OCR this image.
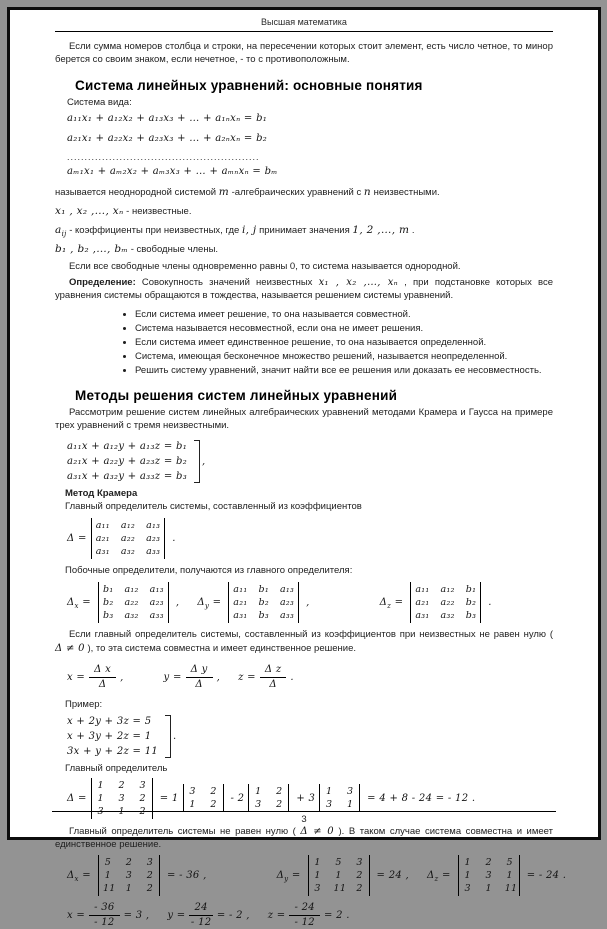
Высшая математика

Если сумма номеров столбца и строки, на пересечении которых стоит элемент, есть число четное, то минор берется со своим знаком, если нечетное, - то с противоположным.

Система линейных уравнений: основные понятия

Система вида:

a₁₁x₁ + a₁₂x₂ + a₁₃x₃ + … + a₁ₙxₙ = b₁
a₂₁x₁ + a₂₂x₂ + a₂₃x₃ + … + a₂ₙxₙ = b₂
.......................................................
aₘ₁x₁ + aₘ₂x₂ + aₘ₃x₃ + … + aₘₙxₙ = bₘ

называется неоднородной системой m -алгебраических уравнений с n неизвестными.

x₁ , x₂ ,…, xₙ - неизвестные.

$a_{ij}$ - коэффициенты при неизвестных, где i, j принимает значения 1, 2 ,…, m .

b₁ , b₂ ,…, bₘ - свободные члены.

Если все свободные члены одновременно равны 0, то система называется однородной.

Определение: Совокупность значений неизвестных x₁ , x₂ ,…, xₙ , при подстановке которых все уравнения системы обращаются в тождества, называется решением системы уравнений.

• Если система имеет решение, то она называется совместной.
• Система называется несовместной, если она не имеет решения.
• Если система имеет единственное решение, то она называется определенной.
• Система, имеющая бесконечное множество решений, называется неопределенной.
• Решить систему уравнений, значит найти все ее решения или доказать ее несовместность.
Методы решения систем линейных уравнений

Рассмотрим решение систем линейных алгебраических уравнений методами Крамера и Гаусса на примере трех уравнений с тремя неизвестными.

a₁₁x + a₁₂y + a₁₃z = b₁
a₂₁x + a₂₂y + a₂₃z = b₂
a₃₁x + a₃₂y + a₃₃z = b₃
,

Метод Крамера

Главный определитель системы, составленный из коэффициентов

Δ =
a₁₁ a₁₂ a₁₃
a₂₁ a₂₂ a₂₃
a₃₁ a₃₂ a₃₃
.

Побочные определители, получаются из главного определителя:

$\Delta_x$ =
b₁ a₁₂ a₁₃
b₂ a₂₂ a₂₃
b₃ a₃₂ a₃₃
, $\Delta_y$ =
a₁₁ b₁ a₁₃
a₂₁ b₂ a₂₃
a₃₁ b₃ a₃₃
,	$\Delta_z$ =
a₁₁ a₁₂ b₁
a₂₁ a₂₂ b₂
a₃₁ a₃₂ b₃
.

Если главный определитель системы, составленный из коэффициентов при неизвестных не равен нулю ( Δ ≠ 0 ), то эта система совместна и имеет единственное решение.

$x = \frac{\text{Δ x}}{\Delta}$ ,	$y = \frac{\text{Δ y}}{\Delta}$ , $z = \frac{\text{Δ z}}{\Delta}$ .

Пример:

x + 2y + 3z = 5
x + 3y + 2z = 1
3x + y + 2z = 11
.

Главный определитель

Δ =
1 2 3
1 3 2
3 1 2
= 1
3 2
1 2
- 2
1 2
3 2
+ 3
1 3
3 1
= 4 + 8 - 24 = - 12 .

Главный определитель системы не равен нулю ( Δ ≠ 0 ). В таком случае система совместна и имеет единственное решение.

$\Delta_x$ =
5 2 3
1 3 2
11 1 2
= - 36 ,	$\Delta_y$ =
1 5 3
1 1 2
3 11 2
= 24 , $\Delta_z$ =
1 2 5
1 3 1
3 1 11
= - 24 .
$x = \frac{- 36}{- 12} = 3$ , $y = \frac{24}{- 12}$ = - 2 , $z = \frac{- 24}{- 12} = 2$ .
3
